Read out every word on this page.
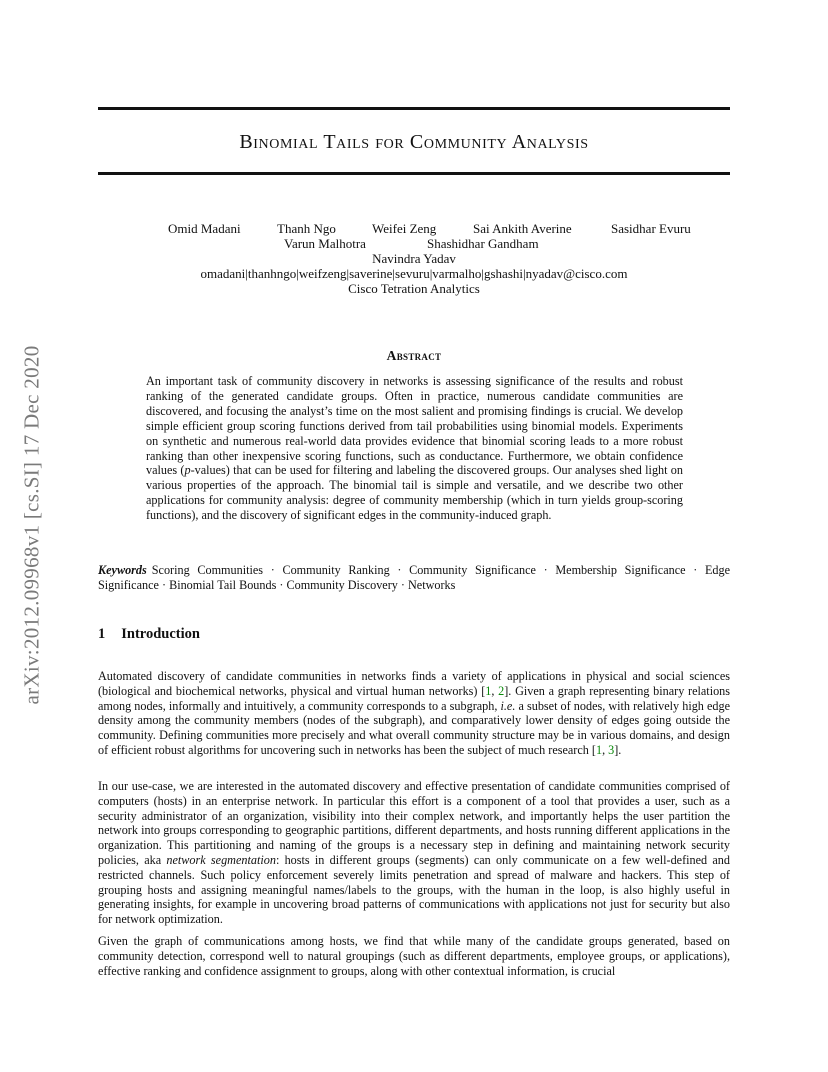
arXiv:2012.09968v1 [cs.SI] 17 Dec 2020
Binomial Tails for Community Analysis
Omid Madani	Thanh Ngo	Weifei Zeng	Sai Ankith Averine	Sasidhar Evuru
Varun Malhotra	Shashidhar Gandham
Navindra Yadav
omadani|thanhngo|weifzeng|saverine|sevuru|varmalho|gshashi|nyadav@cisco.com
Cisco Tetration Analytics
Abstract
An important task of community discovery in networks is assessing significance of the results and robust ranking of the generated candidate groups. Often in practice, numerous candidate communities are discovered, and focusing the analyst’s time on the most salient and promising findings is crucial. We develop simple efficient group scoring functions derived from tail probabilities using binomial models. Experiments on synthetic and numerous real-world data provides evidence that binomial scoring leads to a more robust ranking than other inexpensive scoring functions, such as conductance. Furthermore, we obtain confidence values (p-values) that can be used for filtering and labeling the discovered groups. Our analyses shed light on various properties of the approach. The binomial tail is simple and versatile, and we describe two other applications for community analysis: degree of community membership (which in turn yields group-scoring functions), and the discovery of significant edges in the community-induced graph.
Keywords Scoring Communities · Community Ranking · Community Significance · Membership Significance · Edge Significance · Binomial Tail Bounds · Community Discovery · Networks
1 Introduction

Automated discovery of candidate communities in networks finds a variety of applications in physical and social sciences (biological and biochemical networks, physical and virtual human networks) [1, 2]. Given a graph representing binary relations among nodes, informally and intuitively, a community corresponds to a subgraph, i.e. a subset of nodes, with relatively high edge density among the community members (nodes of the subgraph), and comparatively lower density of edges going outside the community. Defining communities more precisely and what overall community structure may be in various domains, and design of efficient robust algorithms for uncovering such in networks has been the subject of much research [1, 3].

In our use-case, we are interested in the automated discovery and effective presentation of candidate communities comprised of computers (hosts) in an enterprise network. In particular this effort is a component of a tool that provides a user, such as a security administrator of an organization, visibility into their complex network, and importantly helps the user partition the network into groups corresponding to geographic partitions, different departments, and hosts running different applications in the organization. This partitioning and naming of the groups is a necessary step in defining and maintaining network security policies, aka network segmentation: hosts in different groups (segments) can only communicate on a few well-defined and restricted channels. Such policy enforcement severely limits penetration and spread of malware and hackers. This step of grouping hosts and assigning meaningful names/labels to the groups, with the human in the loop, is also highly useful in generating insights, for example in uncovering broad patterns of communications with applications not just for security but also for network optimization.

Given the graph of communications among hosts, we find that while many of the candidate groups generated, based on community detection, correspond well to natural groupings (such as different departments, employee groups, or applications), effective ranking and confidence assignment to groups, along with other contextual information, is crucial
